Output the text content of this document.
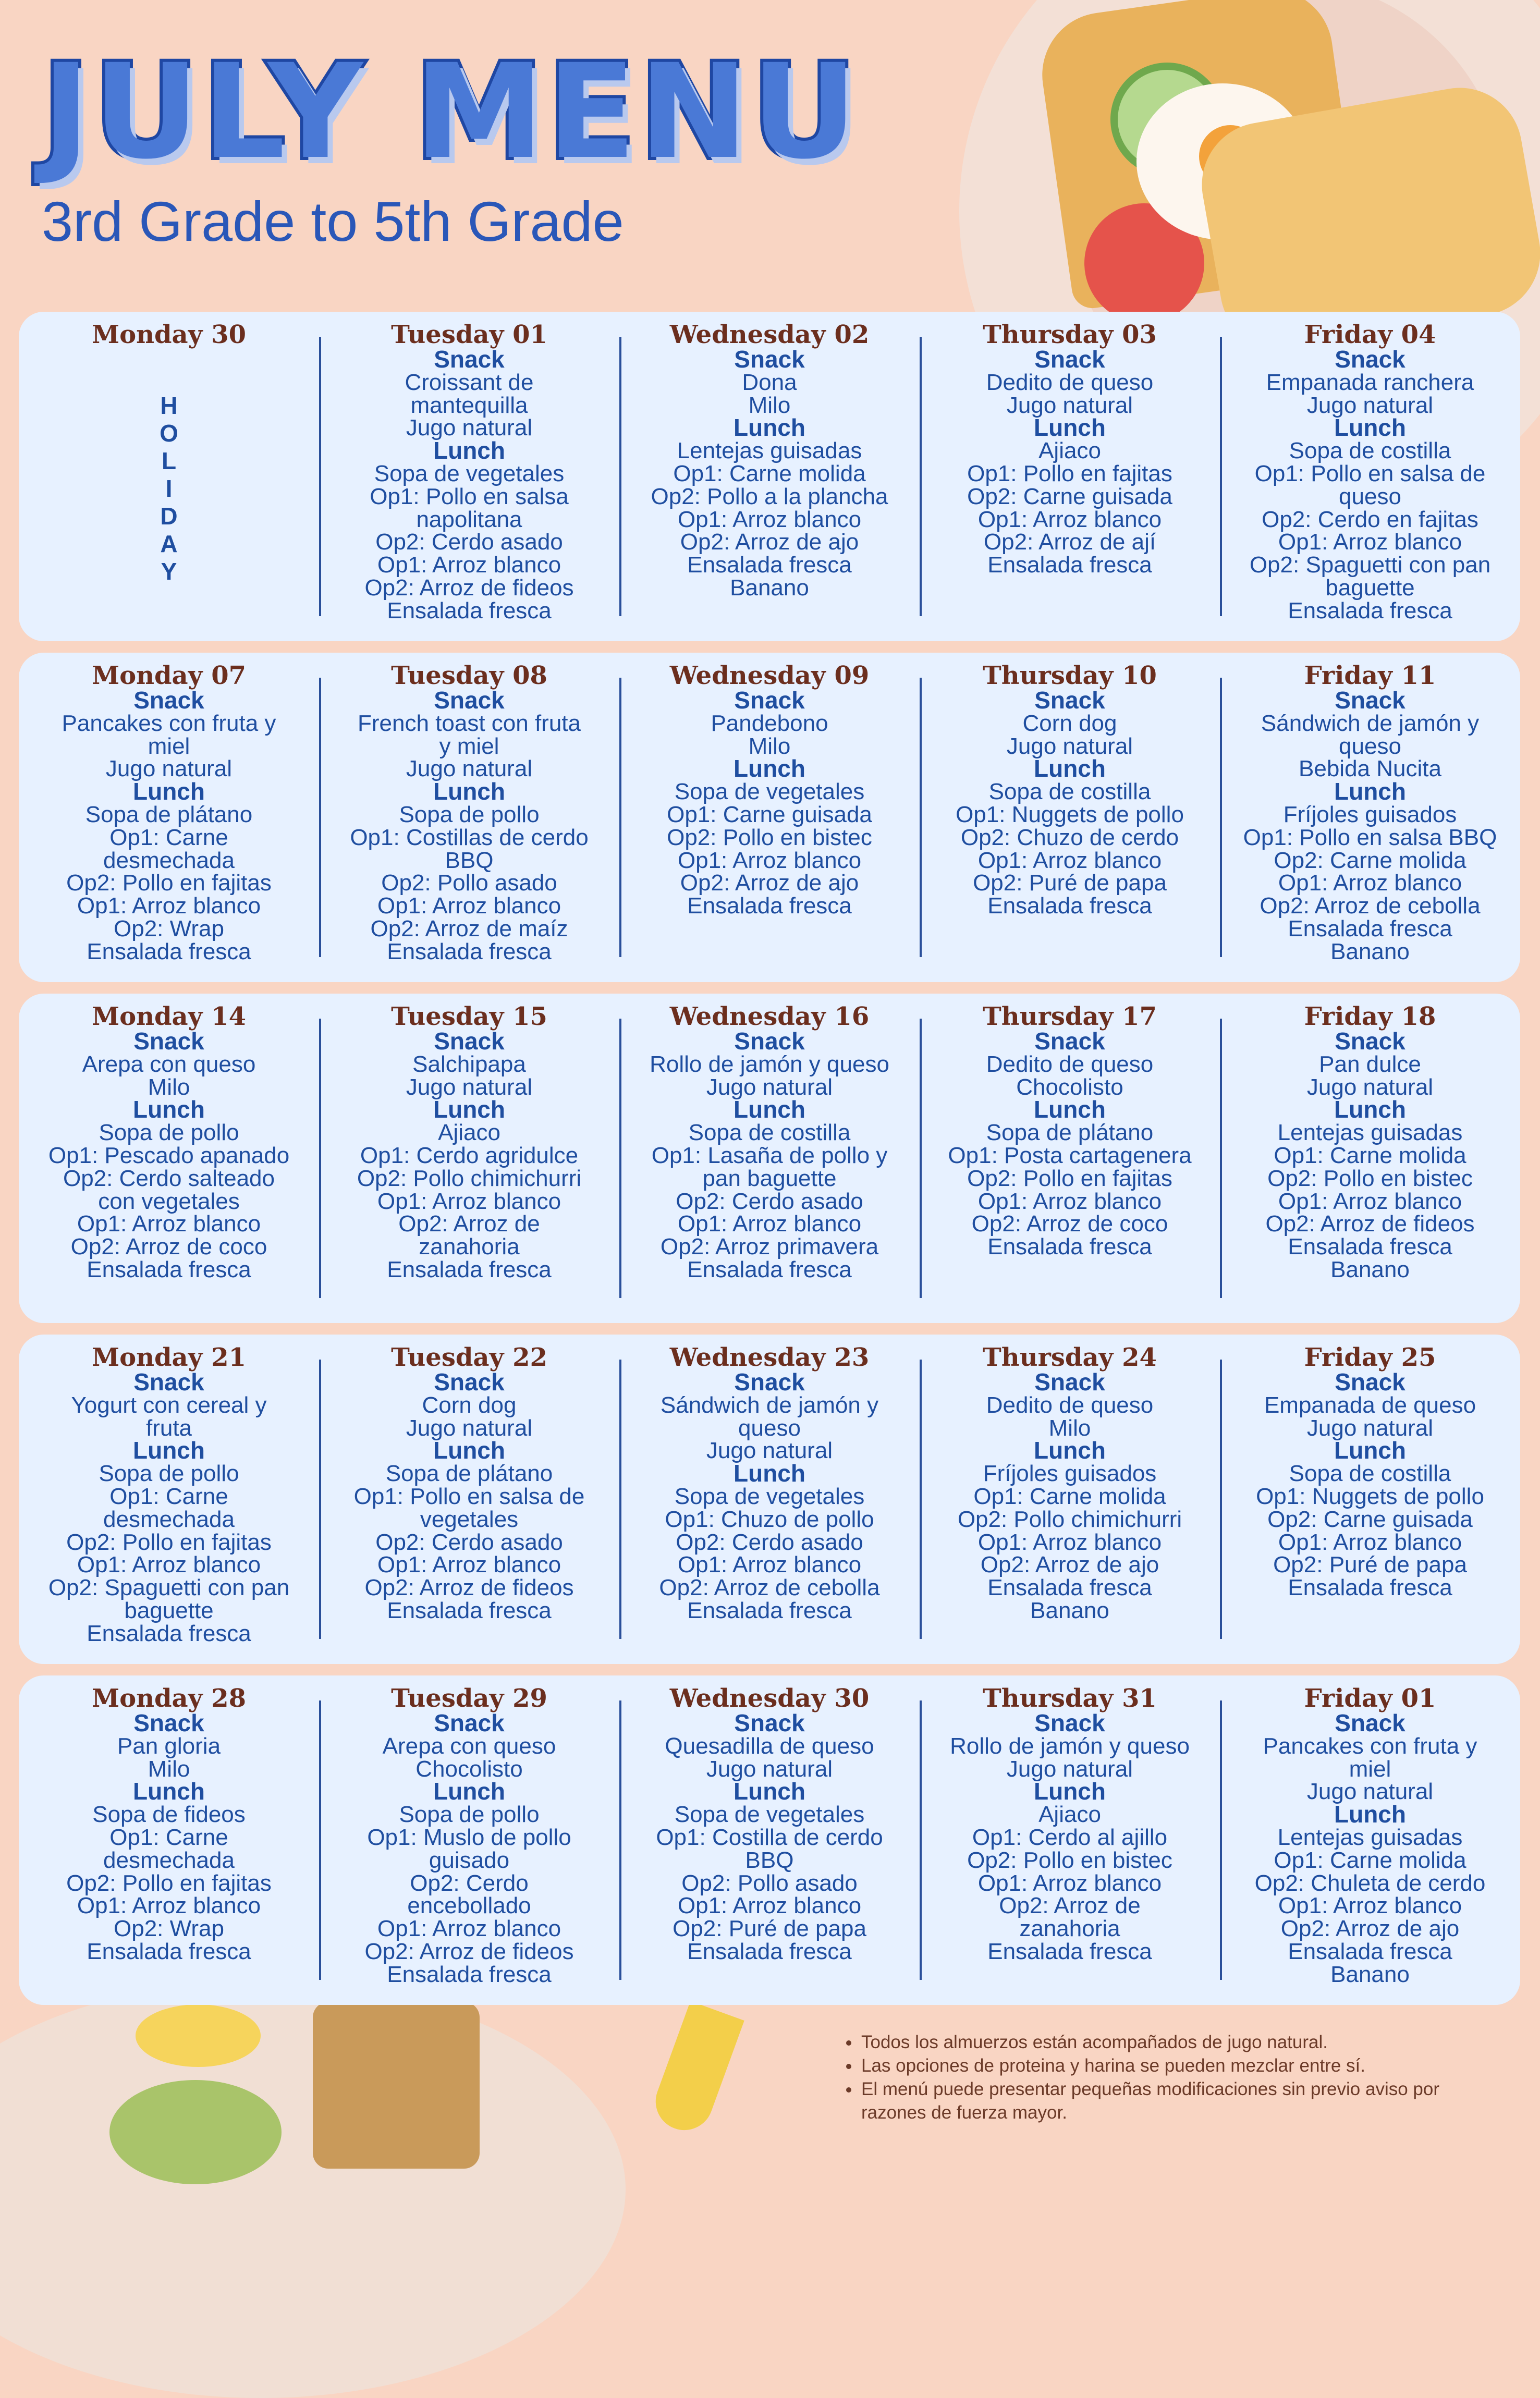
JULY MENU
3rd Grade to 5th Grade
Monday 30
H
O
L
I
D
A
Y
Tuesday 01
Snack
Croissant de
mantequilla
Jugo natural
Lunch
Sopa de vegetales
Op1: Pollo en salsa
napolitana
Op2: Cerdo asado
Op1: Arroz blanco
Op2: Arroz de fideos
Ensalada fresca
Wednesday 02
Snack
Dona
Milo
Lunch
Lentejas guisadas
Op1: Carne molida
Op2: Pollo a la plancha
Op1: Arroz blanco
Op2: Arroz de ajo
Ensalada fresca
Banano
Thursday 03
Snack
Dedito de queso
Jugo natural
Lunch
Ajiaco
Op1: Pollo en fajitas
Op2: Carne guisada
Op1: Arroz blanco
Op2: Arroz de ají
Ensalada fresca
Friday 04
Snack
Empanada ranchera
Jugo natural
Lunch
Sopa de costilla
Op1: Pollo en salsa de
queso
Op2: Cerdo en fajitas
Op1: Arroz blanco
Op2: Spaguetti con pan
baguette
Ensalada fresca
Monday 07
Snack
Pancakes con fruta y
miel
Jugo natural
Lunch
Sopa de plátano
Op1: Carne
desmechada
Op2: Pollo en fajitas
Op1: Arroz blanco
Op2: Wrap
Ensalada fresca
Tuesday 08
Snack
French toast con fruta
y miel
Jugo natural
Lunch
Sopa de pollo
Op1: Costillas de cerdo
BBQ
Op2: Pollo asado
Op1: Arroz blanco
Op2: Arroz de maíz
Ensalada fresca
Wednesday 09
Snack
Pandebono
Milo
Lunch
Sopa de vegetales
Op1: Carne guisada
Op2: Pollo en bistec
Op1: Arroz blanco
Op2: Arroz de ajo
Ensalada fresca
Thursday 10
Snack
Corn dog
Jugo natural
Lunch
Sopa de costilla
Op1: Nuggets de pollo
Op2: Chuzo de cerdo
Op1: Arroz blanco
Op2: Puré de papa
Ensalada fresca
Friday 11
Snack
Sándwich de jamón y
queso
Bebida Nucita
Lunch
Fríjoles guisados
Op1: Pollo en salsa BBQ
Op2: Carne molida
Op1: Arroz blanco
Op2: Arroz de cebolla
Ensalada fresca
Banano
Monday 14
Snack
Arepa con queso
Milo
Lunch
Sopa de pollo
Op1: Pescado apanado
Op2: Cerdo salteado
con vegetales
Op1: Arroz blanco
Op2: Arroz de coco
Ensalada fresca
Tuesday 15
Snack
Salchipapa
Jugo natural
Lunch
Ajiaco
Op1: Cerdo agridulce
Op2: Pollo chimichurri
Op1: Arroz blanco
Op2: Arroz de
zanahoria
Ensalada fresca
Wednesday 16
Snack
Rollo de jamón y queso
Jugo natural
Lunch
Sopa de costilla
Op1: Lasaña de pollo y
pan baguette
Op2: Cerdo asado
Op1: Arroz blanco
Op2: Arroz primavera
Ensalada fresca
Thursday 17
Snack
Dedito de queso
Chocolisto
Lunch
Sopa de plátano
Op1: Posta cartagenera
Op2: Pollo en fajitas
Op1: Arroz blanco
Op2: Arroz de coco
Ensalada fresca
Friday 18
Snack
Pan dulce
Jugo natural
Lunch
Lentejas guisadas
Op1: Carne molida
Op2: Pollo en bistec
Op1: Arroz blanco
Op2: Arroz de fideos
Ensalada fresca
Banano
Monday 21
Snack
Yogurt con cereal y
fruta
Lunch
Sopa de pollo
Op1: Carne
desmechada
Op2: Pollo en fajitas
Op1: Arroz blanco
Op2: Spaguetti con pan
baguette
Ensalada fresca
Tuesday 22
Snack
Corn dog
Jugo natural
Lunch
Sopa de plátano
Op1: Pollo en salsa de
vegetales
Op2: Cerdo asado
Op1: Arroz blanco
Op2: Arroz de fideos
Ensalada fresca
Wednesday 23
Snack
Sándwich de jamón y
queso
Jugo natural
Lunch
Sopa de vegetales
Op1: Chuzo de pollo
Op2: Cerdo asado
Op1: Arroz blanco
Op2: Arroz de cebolla
Ensalada fresca
Thursday 24
Snack
Dedito de queso
Milo
Lunch
Fríjoles guisados
Op1: Carne molida
Op2: Pollo chimichurri
Op1: Arroz blanco
Op2: Arroz de ajo
Ensalada fresca
Banano
Friday 25
Snack
Empanada de queso
Jugo natural
Lunch
Sopa de costilla
Op1: Nuggets de pollo
Op2: Carne guisada
Op1: Arroz blanco
Op2: Puré de papa
Ensalada fresca
Monday 28
Snack
Pan gloria
Milo
Lunch
Sopa de fideos
Op1: Carne
desmechada
Op2: Pollo en fajitas
Op1: Arroz blanco
Op2: Wrap
Ensalada fresca
Tuesday 29
Snack
Arepa con queso
Chocolisto
Lunch
Sopa de pollo
Op1: Muslo de pollo
guisado
Op2: Cerdo
encebollado
Op1: Arroz blanco
Op2: Arroz de fideos
Ensalada fresca
Wednesday 30
Snack
Quesadilla de queso
Jugo natural
Lunch
Sopa de vegetales
Op1: Costilla de cerdo
BBQ
Op2: Pollo asado
Op1: Arroz blanco
Op2: Puré de papa
Ensalada fresca
Thursday 31
Snack
Rollo de jamón y queso
Jugo natural
Lunch
Ajiaco
Op1: Cerdo al ajillo
Op2: Pollo en bistec
Op1: Arroz blanco
Op2: Arroz de
zanahoria
Ensalada fresca
Friday 01
Snack
Pancakes con fruta y
miel
Jugo natural
Lunch
Lentejas guisadas
Op1: Carne molida
Op2: Chuleta de cerdo
Op1: Arroz blanco
Op2: Arroz de ajo
Ensalada fresca
Banano
• Todos los almuerzos están acompañados de jugo natural.
• Las opciones de proteina y harina se pueden mezclar entre sí.
• El menú puede presentar pequeñas modificaciones sin previo aviso por razones de fuerza mayor.
